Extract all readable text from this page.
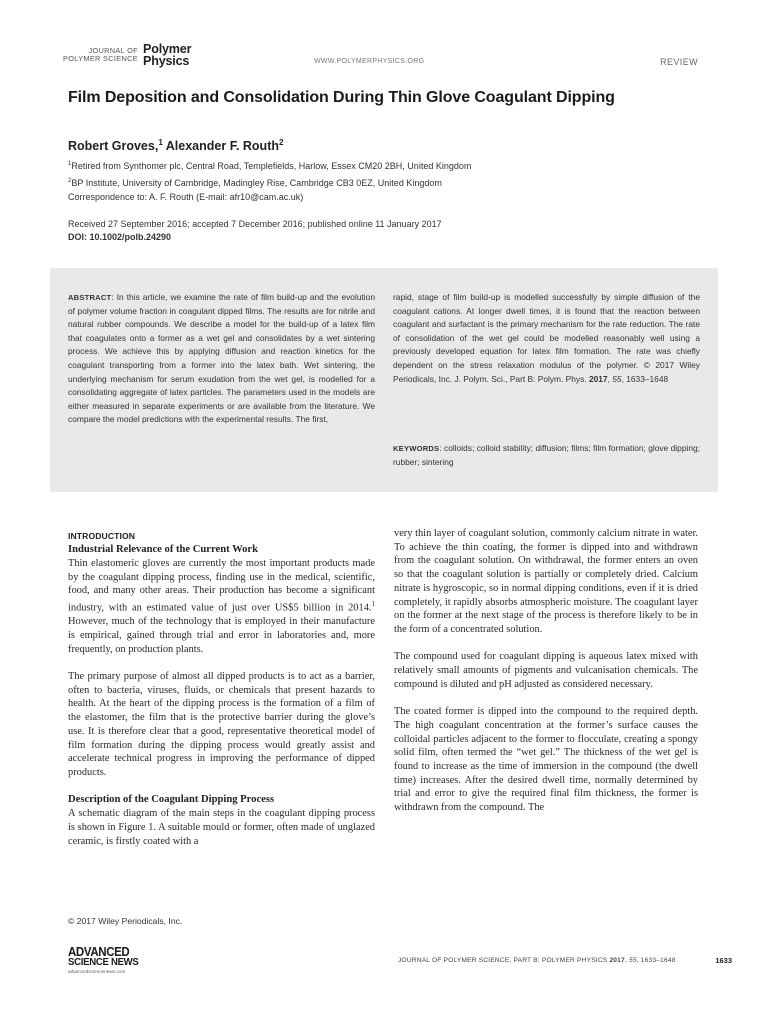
JOURNAL OF
POLYMER SCIENCE
Polymer
Physics	WWW.POLYMERPHYSICS.ORG	REVIEW
Film Deposition and Consolidation During Thin Glove Coagulant Dipping
Robert Groves,$^1$ Alexander F. Routh$^2$
$^1$Retired from Synthomer plc, Central Road, Templefields, Harlow, Essex CM20 2BH, United Kingdom
$^2$BP Institute, University of Cambridge, Madingley Rise, Cambridge CB3 0EZ, United Kingdom
Correspondence to: A. F. Routh (E-mail: afr10@cam.ac.uk)
Received 27 September 2016; accepted 7 December 2016; published online 11 January 2017
DOI: 10.1002/polb.24290
ABSTRACT: In this article, we examine the rate of film build-up and the evolution of polymer volume fraction in coagulant dipped films. The results are for nitrile and natural rubber compounds. We describe a model for the build-up of a latex film that coagulates onto a former as a wet gel and consolidates by a wet sintering process. We achieve this by applying diffusion and reaction kinetics for the coagulant transporting from a former into the latex bath. Wet sintering, the underlying mechanism for serum exudation from the wet gel, is modelled for a consolidating aggregate of latex particles. The parameters used in the models are either measured in separate experiments or are available from the literature. We compare the model predictions with the experimental results. The first,
rapid, stage of film build-up is modelled successfully by simple diffusion of the coagulant cations. At longer dwell times, it is found that the reaction between coagulant and surfactant is the primary mechanism for the rate reduction. The rate of consolidation of the wet gel could be modelled reasonably well using a previously developed equation for latex film formation. The rate was chiefly dependent on the stress relaxation modulus of the polymer. © 2017 Wiley Periodicals, Inc. J. Polym. Sci., Part B: Polym. Phys. 2017, 55, 1633–1648
KEYWORDS: colloids; colloid stability; diffusion; films; film formation; glove dipping; rubber; sintering
INTRODUCTION
Industrial Relevance of the Current Work

Thin elastomeric gloves are currently the most important products made by the coagulant dipping process, finding use in the medical, scientific, food, and many other areas. Their production has become a significant industry, with an estimated value of just over US$5 billion in 2014.$^1$ However, much of the technology that is employed in their manufacture is empirical, gained through trial and error in laboratories and, more frequently, on production plants.

The primary purpose of almost all dipped products is to act as a barrier, often to bacteria, viruses, fluids, or chemicals that present hazards to health. At the heart of the dipping process is the formation of a film of the elastomer, the film that is the protective barrier during the glove’s use. It is therefore clear that a good, representative theoretical model of film formation during the dipping process would greatly assist and accelerate technical progress in improving the performance of dipped products.

Description of the Coagulant Dipping Process

A schematic diagram of the main steps in the coagulant dipping process is shown in Figure 1. A suitable mould or former, often made of unglazed ceramic, is firstly coated with a

very thin layer of coagulant solution, commonly calcium nitrate in water. To achieve the thin coating, the former is dipped into and withdrawn from the coagulant solution. On withdrawal, the former enters an oven so that the coagulant solution is partially or completely dried. Calcium nitrate is hygroscopic, so in normal dipping conditions, even if it is dried completely, it rapidly absorbs atmospheric moisture. The coagulant layer on the former at the next stage of the process is therefore likely to be in the form of a concentrated solution.

The compound used for coagulant dipping is aqueous latex mixed with relatively small amounts of pigments and vulcanisation chemicals. The compound is diluted and pH adjusted as considered necessary.

The coated former is dipped into the compound to the required depth. The high coagulant concentration at the former’s surface causes the colloidal particles adjacent to the former to flocculate, creating a spongy solid film, often termed the “wet gel.” The thickness of the wet gel is found to increase as the time of immersion in the compound (the dwell time) increases. After the desired dwell time, normally determined by trial and error to give the required final film thickness, the former is withdrawn from the compound. The

© 2017 Wiley Periodicals, Inc.
ADVANCED
SCIENCE NEWS
advancedsciencenews.com
JOURNAL OF POLYMER SCIENCE, PART B: POLYMER PHYSICS 2017, 55, 1633–1648	1633
